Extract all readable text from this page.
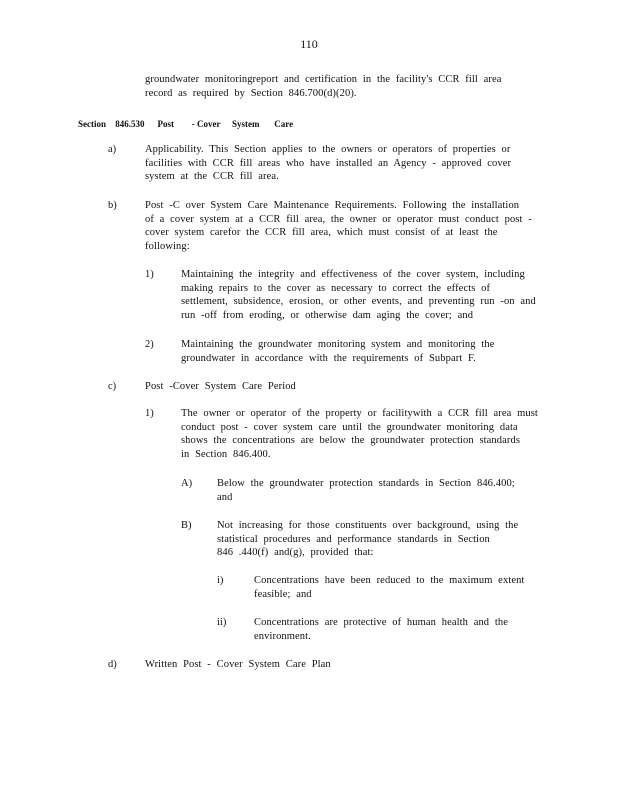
110
groundwater monitoringreport and certification in the facility's CCR fill area
record as required by Section 846.700(d)(20).
Section 846.530 Post - Cover System Care
a)	Applicability. This Section applies to the owners or operators of properties or
facilities with CCR fill areas who have installed an Agency - approved cover
system at the CCR fill area.
b)	Post -C over System Care Maintenance Requirements. Following the installation
of a cover system at a CCR fill area, the owner or operator must conduct post -
cover system carefor the CCR fill area, which must consist of at least the
following:
1)	Maintaining the integrity and effectiveness of the cover system, including
making repairs to the cover as necessary to correct the effects of
settlement, subsidence, erosion, or other events, and preventing run -on and
run -off from eroding, or otherwise dam aging the cover; and
2)	Maintaining the groundwater monitoring system and monitoring the
groundwater in accordance with the requirements of Subpart F.
c)	Post -Cover System Care Period
1)	The owner or operator of the property or facilitywith a CCR fill area must
conduct post - cover system care until the groundwater monitoring data
shows the concentrations are below the groundwater protection standards
in Section 846.400.
A) Below the groundwater protection standards in Section 846.400;
and
B) Not increasing for those constituents over background, using the
statistical procedures and performance standards in Section
846 .440(f) and(g), provided that:
i)	Concentrations have been reduced to the maximum extent
feasible; and
ii)	Concentrations are protective of human health and the
environment.
d)	Written Post - Cover System Care Plan
